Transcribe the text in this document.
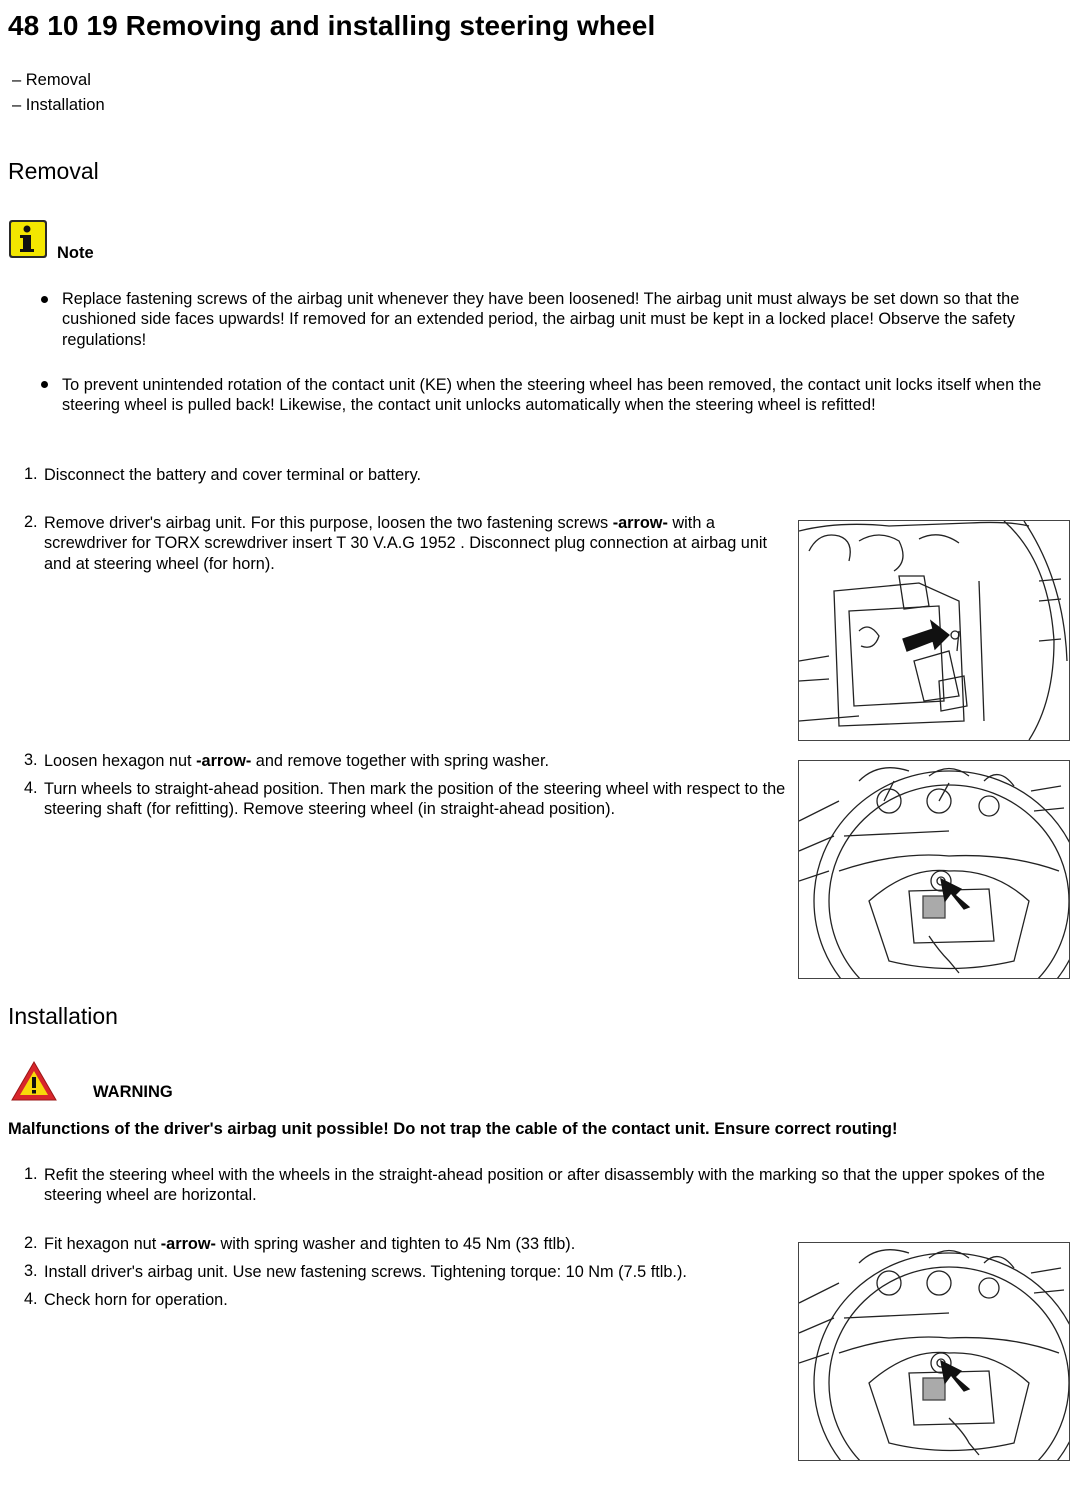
48 10 19 Removing and installing steering wheel
– Removal
– Installation
Removal
Note
Replace fastening screws of the airbag unit whenever they have been loosened! The airbag unit must always be set down so that the cushioned side faces upwards! If removed for an extended period, the airbag unit must be kept in a locked place! Observe the safety regulations!
To prevent unintended rotation of the contact unit (KE) when the steering wheel has been removed, the contact unit locks itself when the steering wheel is pulled back! Likewise, the contact unit unlocks automatically when the steering wheel is refitted!
1. Disconnect the battery and cover terminal or battery.
2. Remove driver's airbag unit. For this purpose, loosen the two fastening screws -arrow- with a screwdriver for TORX screwdriver insert T 30 V.A.G 1952 . Disconnect plug connection at airbag unit and at steering wheel (for horn).
3. Loosen hexagon nut -arrow- and remove together with spring washer.
4. Turn wheels to straight-ahead position. Then mark the position of the steering wheel with respect to the steering shaft (for refitting). Remove steering wheel (in straight-ahead position).
Installation
WARNING
Malfunctions of the driver's airbag unit possible! Do not trap the cable of the contact unit. Ensure correct routing!
1. Refit the steering wheel with the wheels in the straight-ahead position or after disassembly with the marking so that the upper spokes of the steering wheel are horizontal.
2. Fit hexagon nut -arrow- with spring washer and tighten to 45 Nm (33 ftlb).
3. Install driver's airbag unit. Use new fastening screws. Tightening torque: 10 Nm (7.5 ftlb.).
4. Check horn for operation.
